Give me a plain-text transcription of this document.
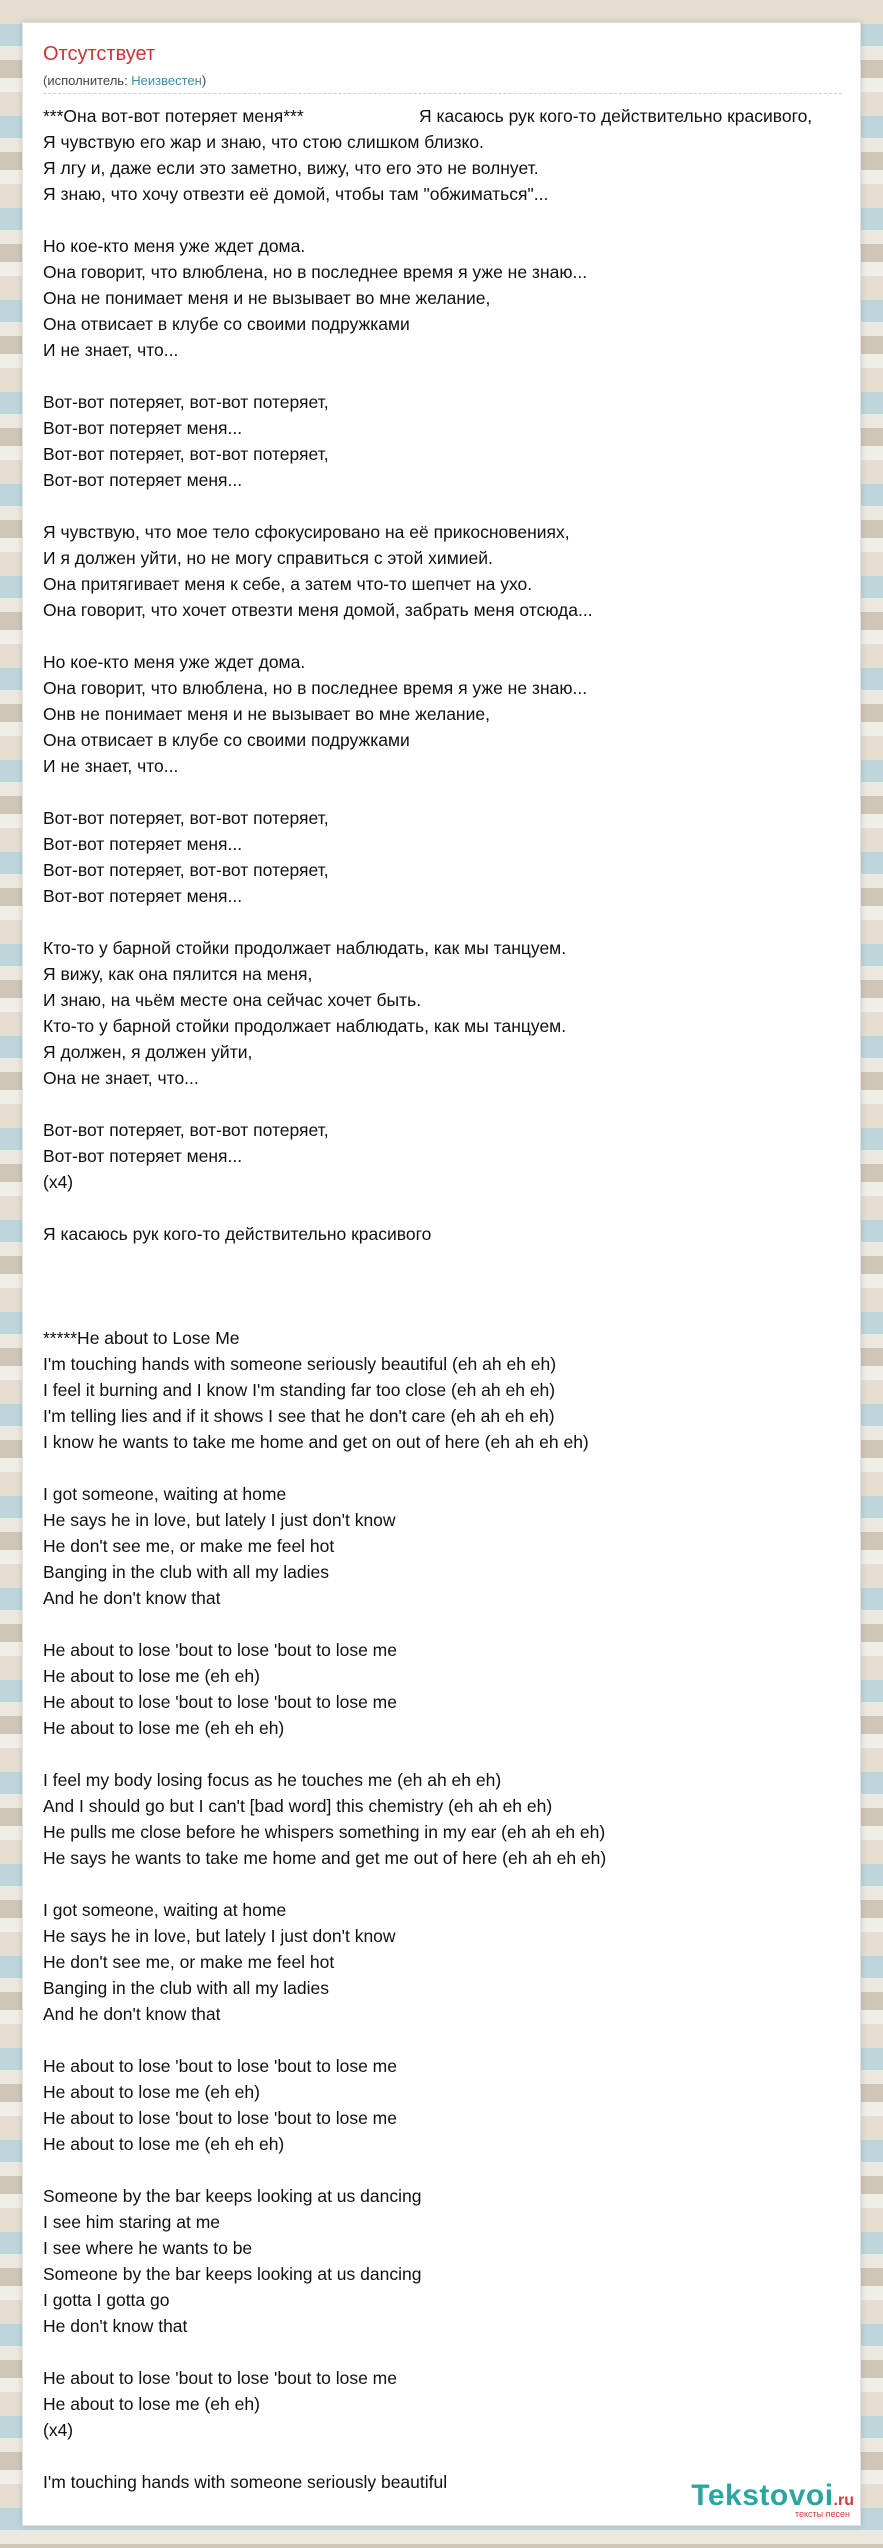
Отсутствует
(исполнитель: Неизвестен)
***Она вот-вот потеряет меня***
Я чувствую его жар и знаю, что стою слишком близко.
Я лгу и, даже если это заметно, вижу, что его это не волнует.
Я знаю, что хочу отвезти её домой, чтобы там "обжиматься"...

Но кое-кто меня уже ждет дома.
Она говорит, что влюблена, но в последнее время я уже не знаю...
Она не понимает меня и не вызывает во мне желание,
Она отвисает в клубе со своими подружками
И не знает, что...

Вот-вот потеряет, вот-вот потеряет,
Вот-вот потеряет меня...
Вот-вот потеряет, вот-вот потеряет,
Вот-вот потеряет меня...

Я чувствую, что мое тело сфокусировано на её прикосновениях,
И я должен уйти, но не могу справиться с этой химией.
Она притягивает меня к себе, а затем что-то шепчет на ухо.
Она говорит, что хочет отвезти меня домой, забрать меня отсюда...

Но кое-кто меня уже ждет дома.
Она говорит, что влюблена, но в последнее время я уже не знаю...
Онв не понимает меня и не вызывает во мне желание,
Она отвисает в клубе со своими подружками
И не знает, что...

Вот-вот потеряет, вот-вот потеряет,
Вот-вот потеряет меня...
Вот-вот потеряет, вот-вот потеряет,
Вот-вот потеряет меня...

Кто-то у барной стойки продолжает наблюдать, как мы танцуем.
Я вижу, как она пялится на меня,
И знаю, на чьём месте она сейчас хочет быть.
Кто-то у барной стойки продолжает наблюдать, как мы танцуем.
Я должен, я должен уйти,
Она не знает, что...

Вот-вот потеряет, вот-вот потеряет,
Вот-вот потеряет меня...
(x4)

Я касаюсь рук кого-то действительно красивого

*****He about to Lose Me
I'm touching hands with someone seriously beautiful (eh ah eh eh)
I feel it burning and I know I'm standing far too close (eh ah eh eh)
I'm telling lies and if it shows I see that he don't care (eh ah eh eh)
I know he wants to take me home and get on out of here (eh ah eh eh)

I got someone, waiting at home
He says he in love, but lately I just don't know
He don't see me, or make me feel hot
Banging in the club with all my ladies
And he don't know that

He about to lose 'bout to lose 'bout to lose me
He about to lose me (eh eh)
He about to lose 'bout to lose 'bout to lose me
He about to lose me (eh eh eh)

I feel my body losing focus as he touches me (eh ah eh eh)
And I should go but I can't [bad word] this chemistry (eh ah eh eh)
He pulls me close before he whispers something in my ear (eh ah eh eh)
He says he wants to take me home and get me out of here (eh ah eh eh)

I got someone, waiting at home
He says he in love, but lately I just don't know
He don't see me, or make me feel hot
Banging in the club with all my ladies
And he don't know that

He about to lose 'bout to lose 'bout to lose me
He about to lose me (eh eh)
He about to lose 'bout to lose 'bout to lose me
He about to lose me (eh eh eh)

Someone by the bar keeps looking at us dancing
I see him staring at me
I see where he wants to be
Someone by the bar keeps looking at us dancing
I gotta I gotta go
He don't know that

He about to lose 'bout to lose 'bout to lose me
He about to lose me (eh eh)
(x4)

I'm touching hands with someone seriously beautiful
Я касаюсь рук кого-то действительно красивого,
Tekstovoi.ru
тексты песен
